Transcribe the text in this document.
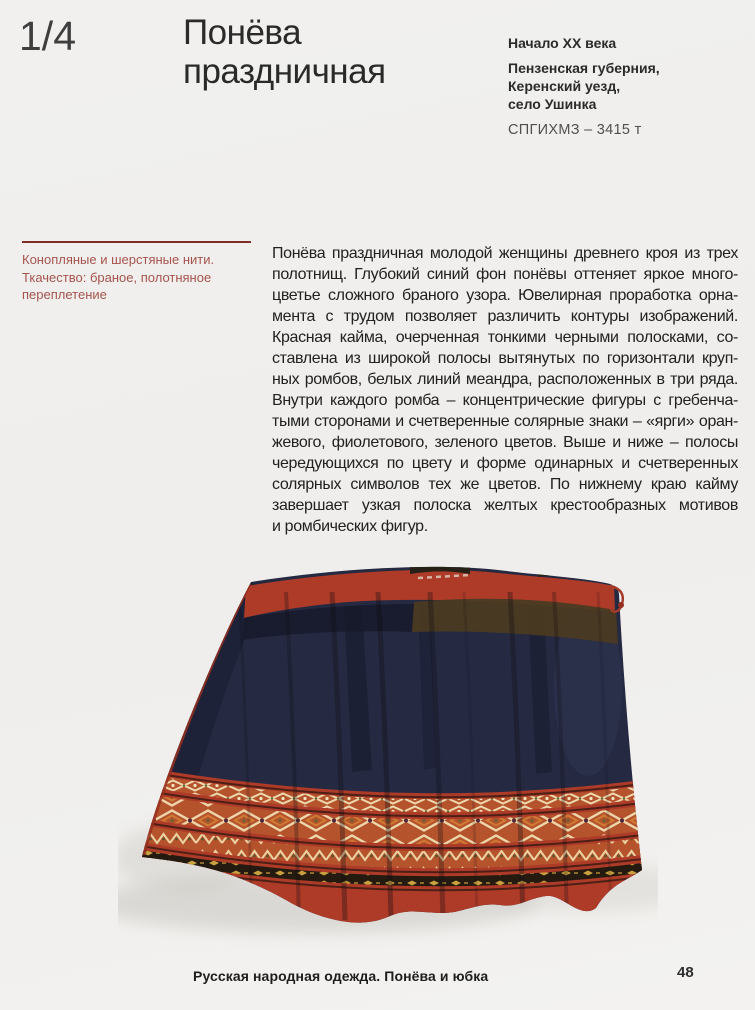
1/4	Понёва
праздничная
Начало XX века
Пензенская губерния,
Керенский уезд,
село Ушинка
СПГИХМЗ – 3415 т
Конопляные и шерстяные нити. Ткачество: браное, полотняное переплетение
Понёва праздничная молодой женщины древнего кроя из трех
полотнищ. Глубокий синий фон понёвы оттеняет яркое много-
цветье сложного браного узора. Ювелирная проработка орна-
мента с трудом позволяет различить контуры изображений.
Красная кайма, очерченная тонкими черными полосками, со-
ставлена из широкой полосы вытянутых по горизонтали круп-
ных ромбов, белых линий меандра, расположенных в три ряда.
Внутри каждого ромба – концентрические фигуры с гребенча-
тыми сторонами и счетверенные солярные знаки – «ярги» оран-
жевого, фиолетового, зеленого цветов. Выше и ниже – полосы
чередующихся по цвету и форме одинарных и счетверенных
солярных символов тех же цветов. По нижнему краю кайму
завершает узкая полоска желтых крестообразных мотивов
и ромбических фигур.
Русская народная одежда. Понёва и юбка	48
